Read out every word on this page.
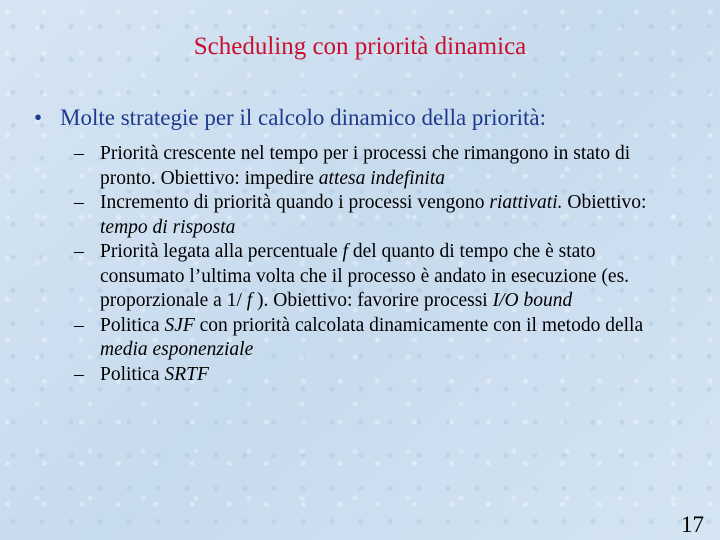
Scheduling con priorità dinamica
• Molte strategie per il calcolo dinamico della priorità:
– Priorità crescente nel tempo per i processi che rimangono in stato di pronto. Obiettivo: impedire attesa indefinita
– Incremento di priorità quando i processi vengono riattivati. Obiettivo: tempo di risposta
– Priorità legata alla percentuale f del quanto di tempo che è stato consumato l’ultima volta che il processo è andato in esecuzione (es. proporzionale a 1/ f ). Obiettivo: favorire processi I/O bound
– Politica SJF con priorità calcolata dinamicamente con il metodo della media esponenziale
– Politica SRTF
17
